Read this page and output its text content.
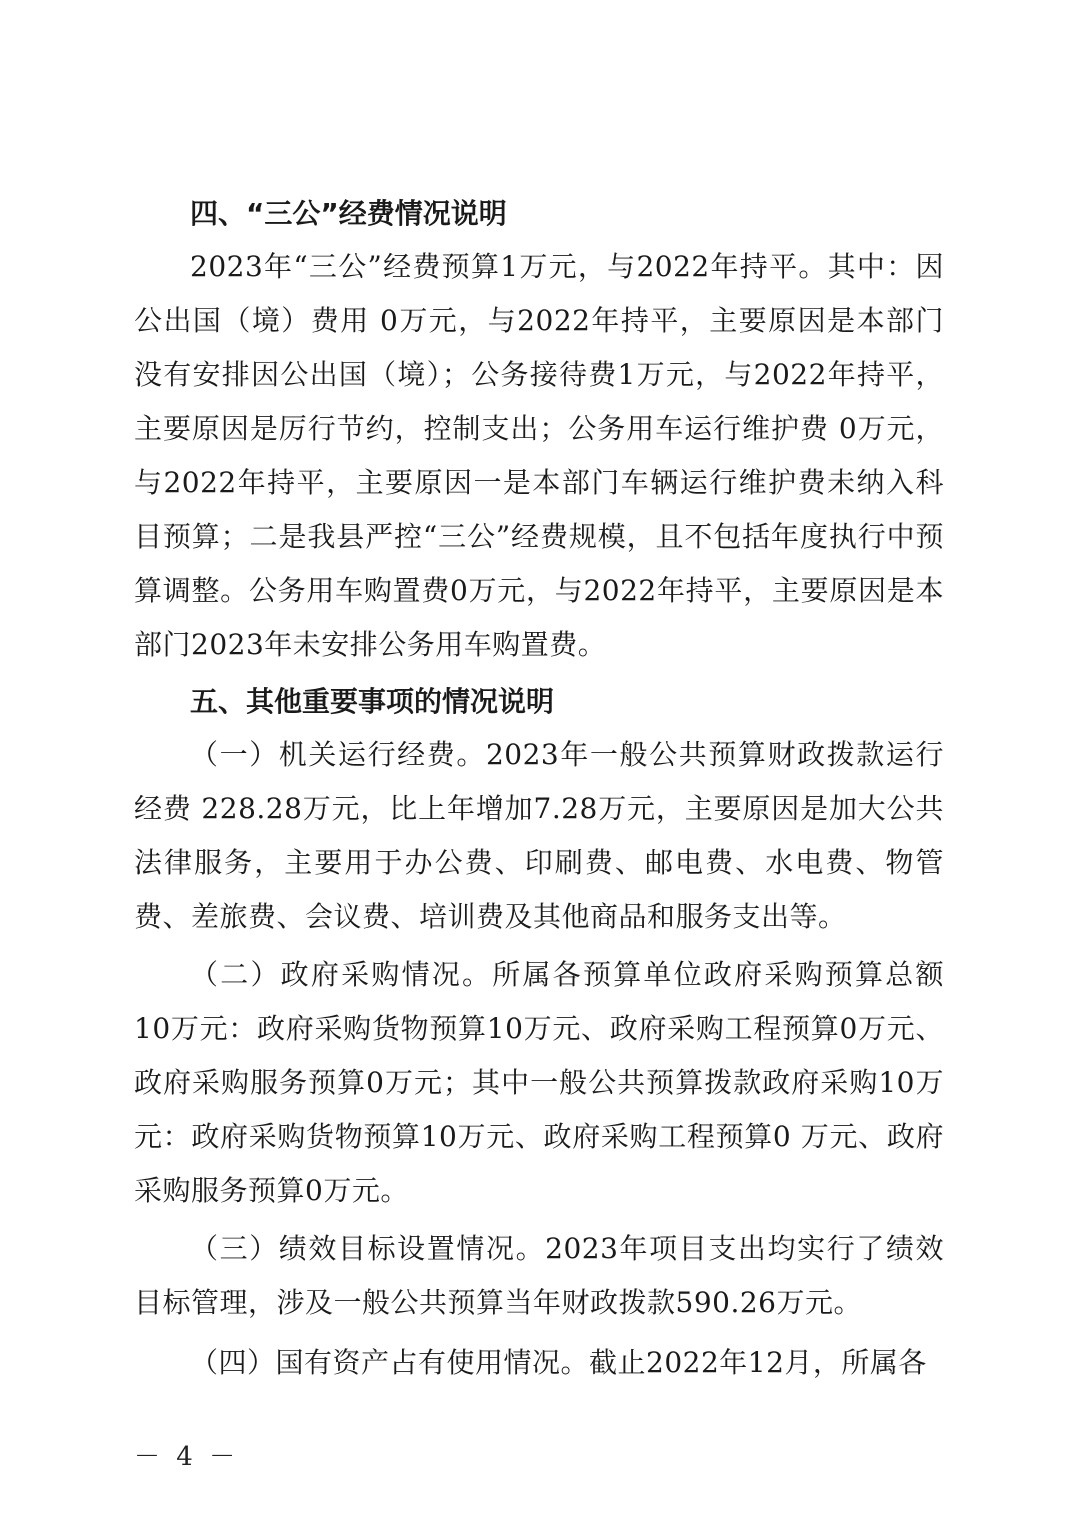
四、“三公”经费情况说明

2023年“三公”经费预算1万元，与2022年持平。其中：因公出国（境）费用 0万元，与2022年持平，主要原因是本部门没有安排因公出国（境）；公务接待费1万元，与2022年持平，主要原因是厉行节约，控制支出；公务用车运行维护费 0万元，与2022年持平，主要原因一是本部门车辆运行维护费未纳入科目预算；二是我县严控“三公”经费规模，且不包括年度执行中预算调整。公务用车购置费0万元，与2022年持平，主要原因是本部门2023年未安排公务用车购置费。

五、其他重要事项的情况说明

（一）机关运行经费。2023年一般公共预算财政拨款运行经费 228.28万元，比上年增加7.28万元，主要原因是加大公共法律服务，主要用于办公费、印刷费、邮电费、水电费、物管费、差旅费、会议费、培训费及其他商品和服务支出等。

（二）政府采购情况。所属各预算单位政府采购预算总额 10万元：政府采购货物预算10万元、政府采购工程预算0万元、政府采购服务预算0万元；其中一般公共预算拨款政府采购10万元：政府采购货物预算10万元、政府采购工程预算0 万元、政府采购服务预算0万元。

（三）绩效目标设置情况。2023年项目支出均实行了绩效目标管理，涉及一般公共预算当年财政拨款590.26万元。

（四）国有资产占有使用情况。截止2022年12月，所属各

－ 4 －
